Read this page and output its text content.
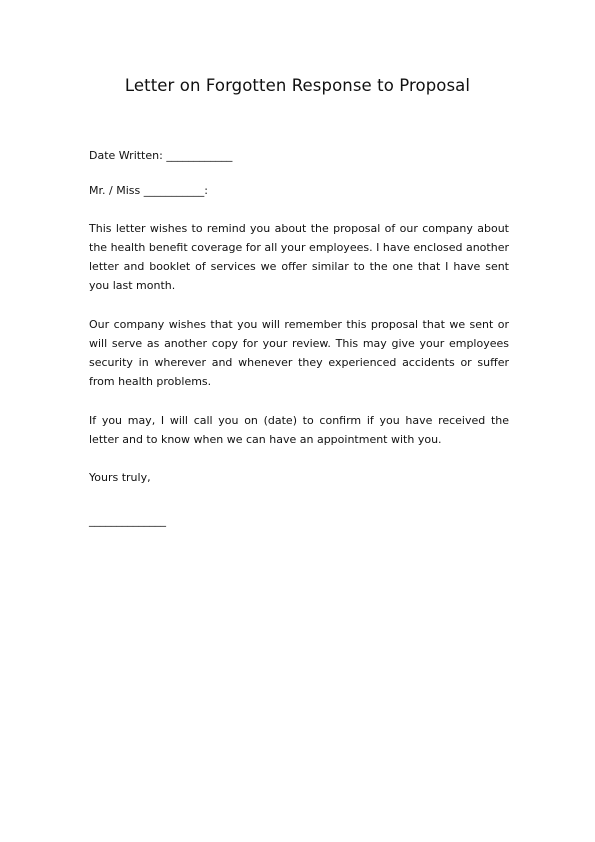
Letter on Forgotten Response to Proposal

Date Written: ____________

Mr. / Miss ___________:

This letter wishes to remind you about the proposal of our company about the health benefit coverage for all your employees. I have enclosed another letter and booklet of services we offer similar to the one that I have sent you last month.

Our company wishes that you will remember this proposal that we sent or will serve as another copy for your review. This may give your employees security in wherever and whenever they experienced accidents or suffer from health problems.

If you may, I will call you on (date) to confirm if you have received the letter and to know when we can have an appointment with you.

Yours truly,

______________
